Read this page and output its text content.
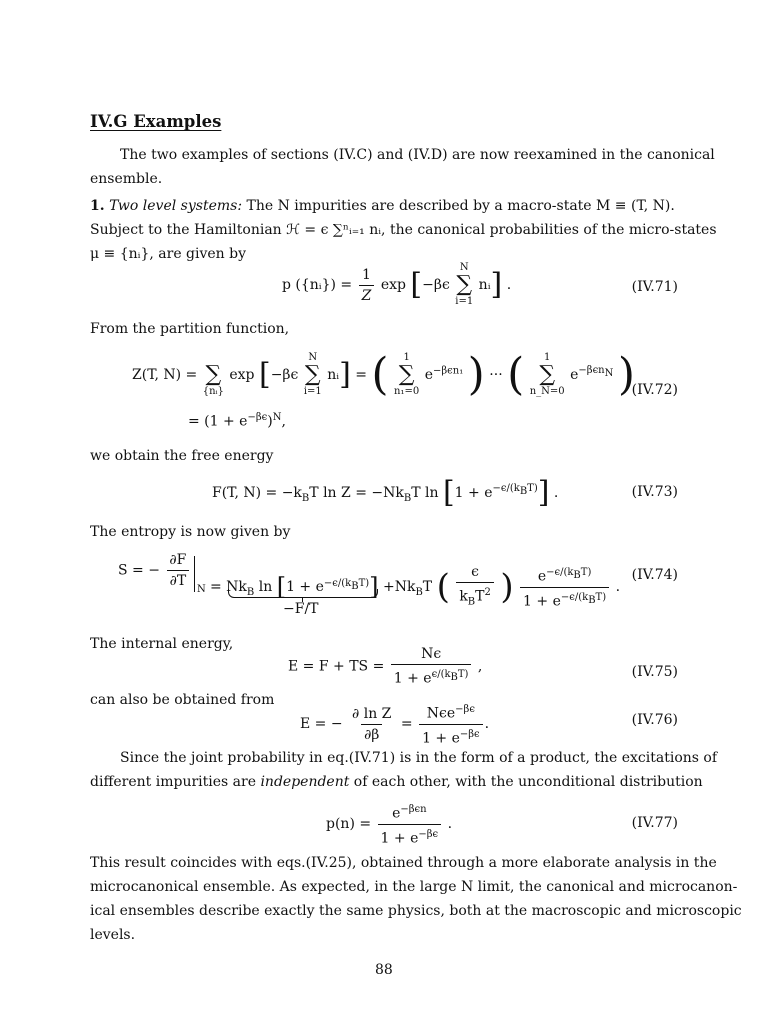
IV.G Examples
The two examples of sections (IV.C) and (IV.D) are now reexamined in the canonical
ensemble.
1. Two level systems: The N impurities are described by a macro-state M ≡ (T, N).
Subject to the Hamiltonian ℋ = ϵ ∑ⁿᵢ₌₁ nᵢ, the canonical probabilities of the micro-states
μ ≡ {nᵢ}, are given by
p ({nᵢ}) = $\frac{1}{Z}$ exp [−βϵ
N
∑
i=1
nᵢ] .	(IV.71)
From the partition function,
Z(T, N) =
∑
{nᵢ}
exp [−βϵ
N
∑
i=1
nᵢ] = ( 1
∑
n₁=0
$e^{-\beta\epsilon n_1}$ ) ··· ( 1
∑
n_N=0
$e^{-\beta\epsilon n_N}$ )
(IV.72)
= $(1 + e^{-\beta\epsilon})^N$,
we obtain the free energy
F(T, $N) = -k_BT$ $\ln Z = -Nk_BT$ $\ln [1 + e^{-\epsilon/(k_BT)}]$ .	(IV.73)
The entropy is now given by
S = − $\frac{\partial F}{\partial T}$
$N = Nk_B$ $\ln [1 + e^{-\epsilon/(k_BT)}] +Nk_BT$ ( $\frac{\epsilon}{k_BT^2}$ ) $\frac{e^{-\epsilon/(k_BT)}}{1 + e^{-\epsilon/(k_BT)}}$ .
−F/T
(IV.74)
The internal energy,
E = F + TS = $\frac{N\epsilon}{1 + e^{\epsilon/(k_BT)}}$ ,	(IV.75)
can also be obtained from
E = − $\frac{\text{∂ ln Z}}{\partial\beta} = \frac{N\epsilon e^{-\beta\epsilon}}{1 + e^{-\beta\epsilon}}$ .	(IV.76)
Since the joint probability in eq.(IV.71) is in the form of a product, the excitations of
different impurities are independent of each other, with the unconditional distribution
$p(n) = \frac{e^{-\beta\epsilon n}}{1 + e^{-\beta\epsilon}}$ .	(IV.77)
This result coincides with eqs.(IV.25), obtained through a more elaborate analysis in the
microcanonical ensemble. As expected, in the large N limit, the canonical and microcanon-
ical ensembles describe exactly the same physics, both at the macroscopic and microscopic
levels.
88
